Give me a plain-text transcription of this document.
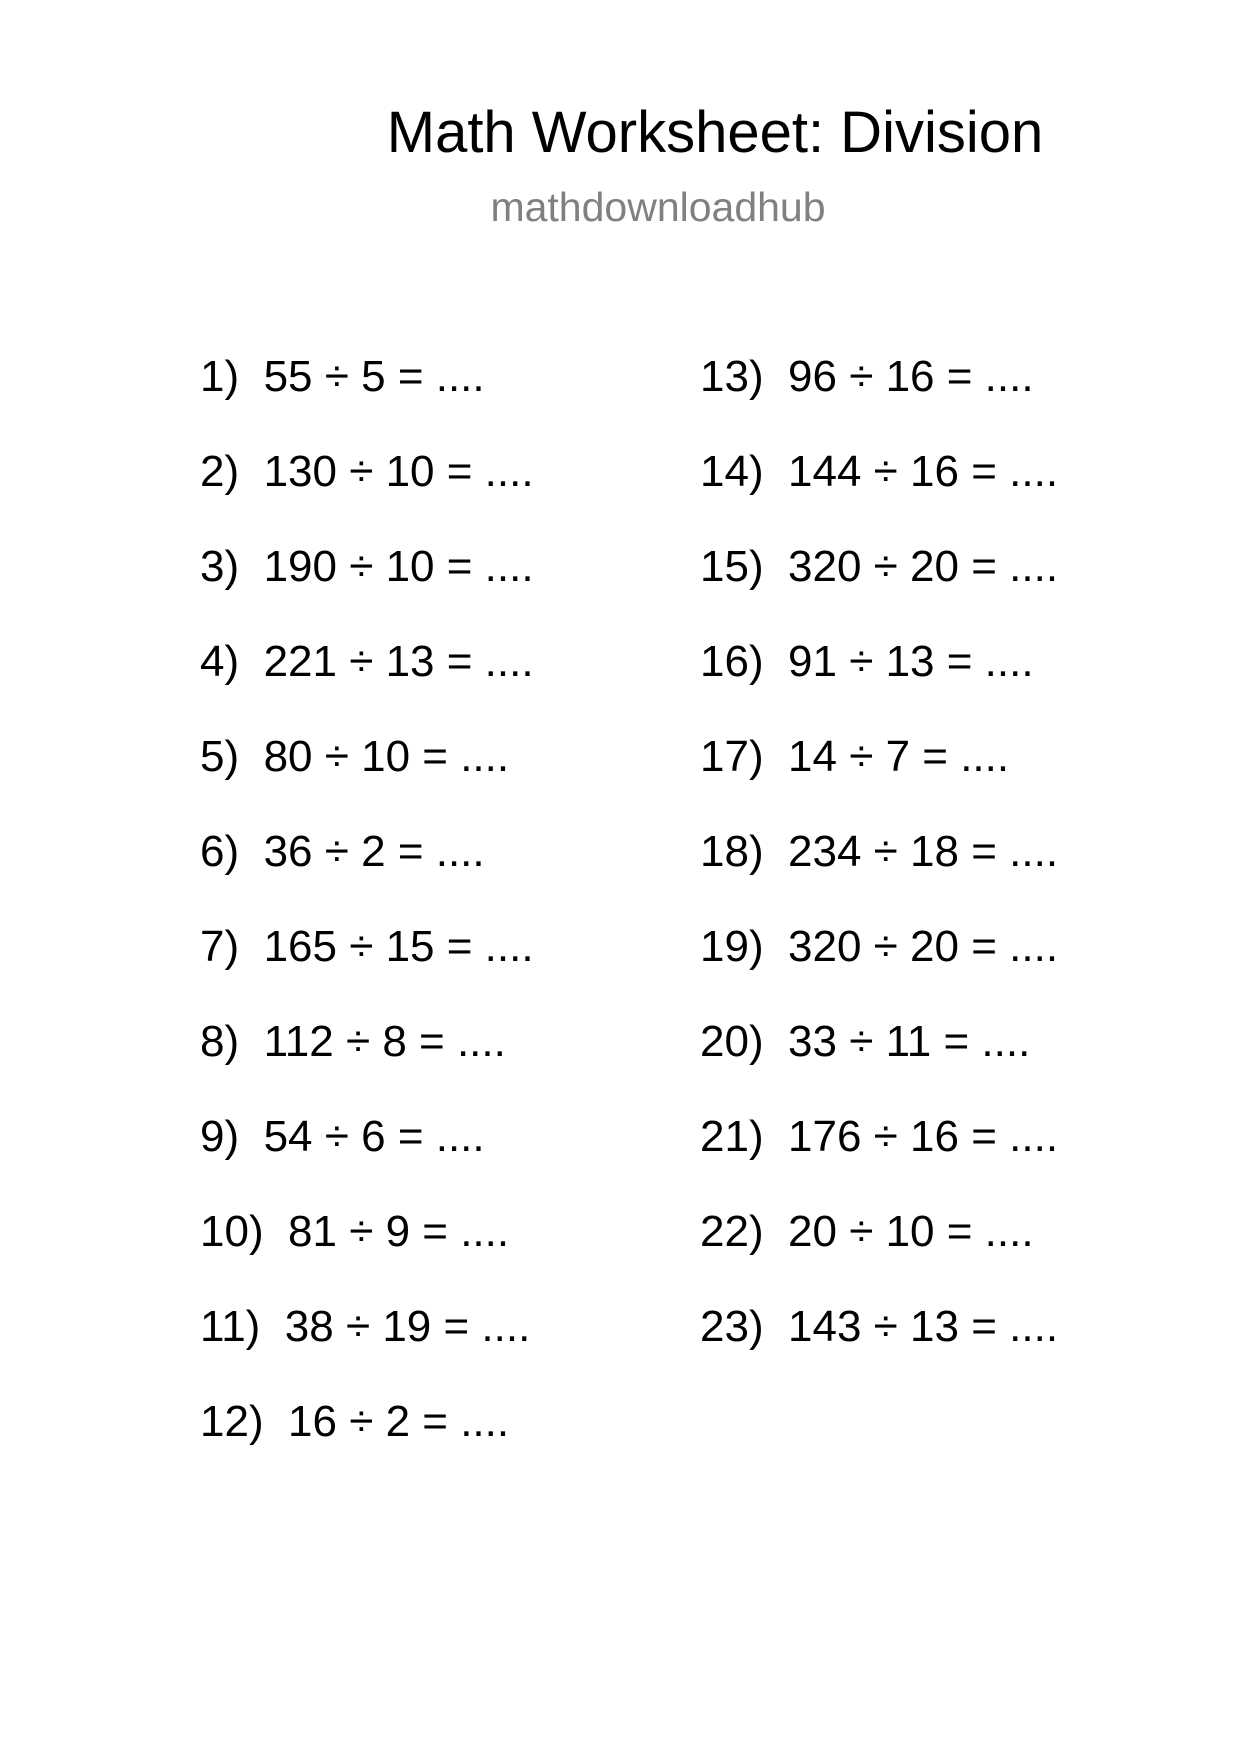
Math Worksheet: Division
mathdownloadhub
1) 55 ÷ 5 = ....
2) 130 ÷ 10 = ....
3) 190 ÷ 10 = ....
4) 221 ÷ 13 = ....
5) 80 ÷ 10 = ....
6) 36 ÷ 2 = ....
7) 165 ÷ 15 = ....
8) 112 ÷ 8 = ....
9) 54 ÷ 6 = ....
10) 81 ÷ 9 = ....
11) 38 ÷ 19 = ....
12) 16 ÷ 2 = ....
13) 96 ÷ 16 = ....
14) 144 ÷ 16 = ....
15) 320 ÷ 20 = ....
16) 91 ÷ 13 = ....
17) 14 ÷ 7 = ....
18) 234 ÷ 18 = ....
19) 320 ÷ 20 = ....
20) 33 ÷ 11 = ....
21) 176 ÷ 16 = ....
22) 20 ÷ 10 = ....
23) 143 ÷ 13 = ....
